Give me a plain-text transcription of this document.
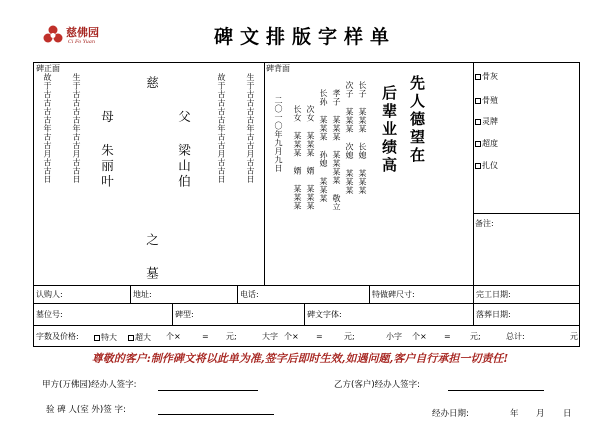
慈佛园
Ci Fo Yuan	碑文排版字样单
碑正面
故于古古古古年古古月古古日	生于古古古古年古古月古古日 母 朱丽叶
慈
父 梁山伯	故于古古古古年古古月古古日	生于古古古古年古古月古古日
之 墓
碑背面
二〇一〇年九月九日 长女 某某某 婿 某某某 次女 某某某 婿 某某某 长孙 某某某 孙媳 某某某 孝子 某某某 某某某某 敬立 次子 某某某 次媳 某某某 长子 某某某 长媳 某某某 后辈业绩高 先人德望在	骨灰
骨殖
灵牌
超度
扎仪
备注:
认购人:	地址:	电话:	特做碑尺寸:	完工日期:
墓位号:	碑型:	碑文字体:	落葬日期:
字数及价格:	特大 超大 个×	= 元;	大字 个× =	元;	小字 个× = 元;	总计:	元
尊敬的客户:制作碑文将以此单为准,签字后即时生效,如遇问题,客户自行承担一切责任!
甲方(万佛园)经办人签字:	乙方(客户)经办人签字:
验 碑 人(室 外)签 字:	经办日期:	年 月 日
